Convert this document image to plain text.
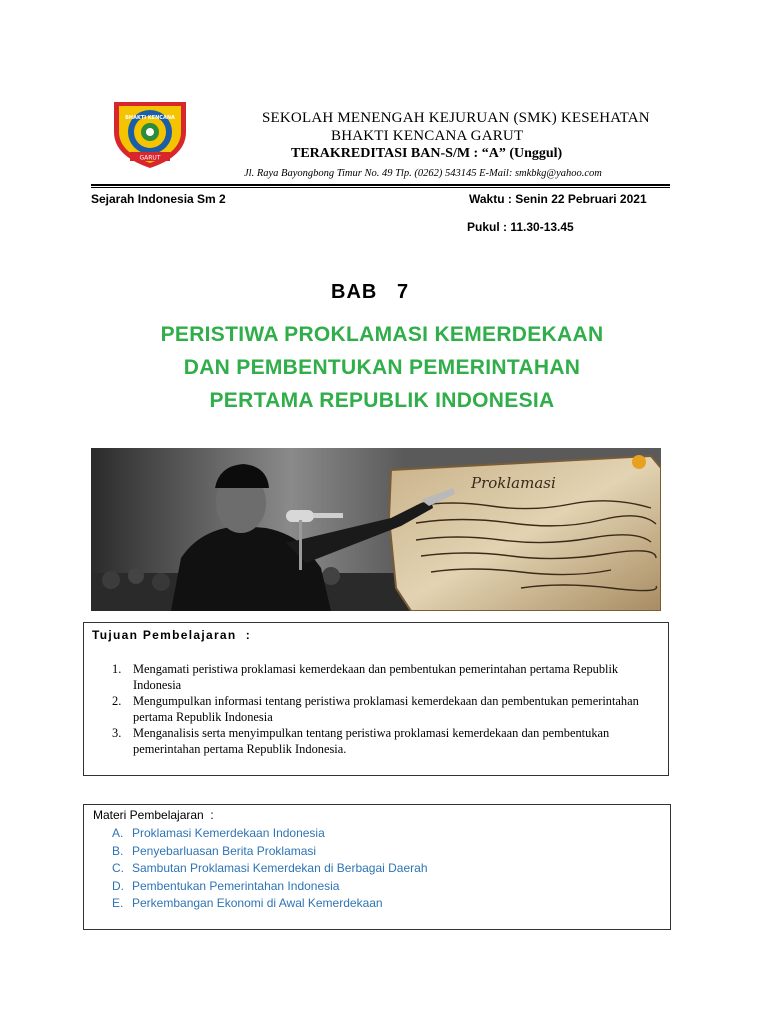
GARUT
BHAKTI KENCANA	SEKOLAH MENENGAH KEJURUAN (SMK) KESEHATAN
BHAKTI KENCANA GARUT
TERAKREDITASI BAN-S/M : “A” (Unggul)
Jl. Raya Bayongbong Timur No. 49 Tlp. (0262) 543145 E-Mail: smkbkg@yahoo.com
Sejarah Indonesia Sm 2	Waktu : Senin 22 Pebruari 2021
Pukul : 11.30-13.45
BAB   7
PERISTIWA PROKLAMASI KEMERDEKAAN
DAN PEMBENTUKAN PEMERINTAHAN
PERTAMA REPUBLIK INDONESIA
Proklamasi
Tujuan Pembelajaran  :
1. Mengamati peristiwa proklamasi kemerdekaan dan pembentukan pemerintahan pertama Republik Indonesia
2. Mengumpulkan informasi tentang peristiwa proklamasi kemerdekaan dan pembentukan pemerintahan pertama Republik Indonesia
3. Menganalisis serta menyimpulkan tentang peristiwa proklamasi kemerdekaan dan pembentukan pemerintahan pertama Republik Indonesia.
Materi Pembelajaran  :
A. Proklamasi Kemerdekaan Indonesia
B. Penyebarluasan Berita Proklamasi
C. Sambutan Proklamasi Kemerdekan di Berbagai Daerah
D. Pembentukan Pemerintahan Indonesia
E. Perkembangan Ekonomi di Awal Kemerdekaan
